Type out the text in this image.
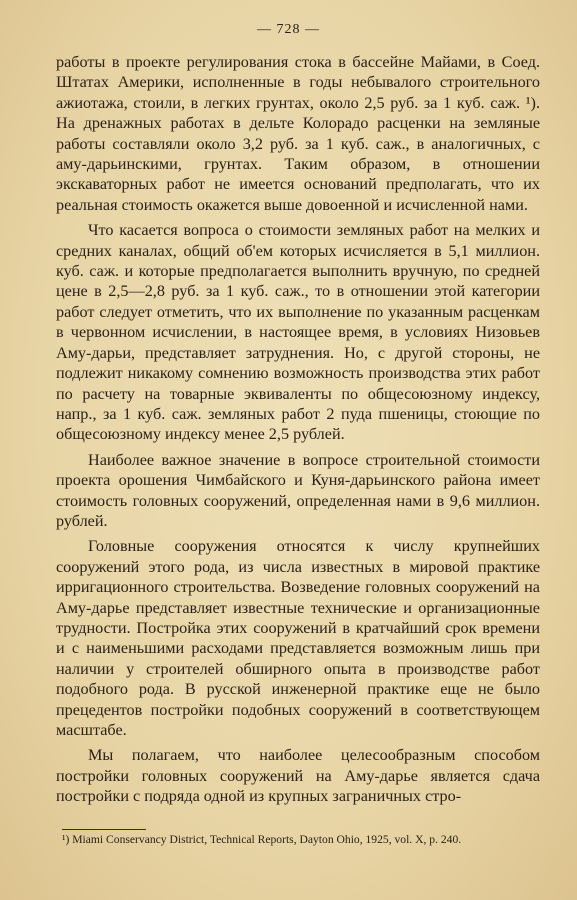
— 728 —

работы в проекте регулирования стока в бассейне Майами, в Соед. Штатах Америки, исполненные в годы небывалого строительного ажиотажа, стоили, в легких грунтах, около 2,5 руб. за 1 куб. саж. ¹). На дренажных работах в дельте Колорадо расценки на земляные работы составляли около 3,2 руб. за 1 куб. саж., в аналогичных, с аму-дарьинскими, грунтах. Таким образом, в отношении экскаваторных работ не имеется оснований предполагать, что их реальная стоимость окажется выше довоенной и исчисленной нами.

Что касается вопроса о стоимости земляных работ на мелких и средних каналах, общий об'ем которых исчисляется в 5,1 миллион. куб. саж. и которые предполагается выполнить вручную, по средней цене в 2,5—2,8 руб. за 1 куб. саж., то в отношении этой категории работ следует отметить, что их выполнение по указанным расценкам в червонном исчислении, в настоящее время, в условиях Низовьев Аму-дарьи, представляет затруднения. Но, с другой стороны, не подлежит никакому сомнению возможность производства этих работ по расчету на товарные эквиваленты по общесоюзному индексу, напр., за 1 куб. саж. земляных работ 2 пуда пшеницы, стоющие по общесоюзному индексу менее 2,5 рублей.

Наиболее важное значение в вопросе строительной стоимости проекта орошения Чимбайского и Куня-дарьинского района имеет стоимость головных сооружений, определенная нами в 9,6 миллион. рублей.

Головные сооружения относятся к числу крупнейших сооружений этого рода, из числа известных в мировой практике ирригационного строительства. Возведение головных сооружений на Аму-дарье представляет известные технические и организационные трудности. Постройка этих сооружений в кратчайший срок времени и с наименьшими расходами представляется возможным лишь при наличии у строителей обширного опыта в производстве работ подобного рода. В русской инженерной практике еще не было прецедентов постройки подобных сооружений в соответствующем масштабе.

Мы полагаем, что наиболее целесообразным способом постройки головных сооружений на Аму-дарье является сдача постройки с подряда одной из крупных заграничных стро-

¹) Miami Conservancy District, Technical Reports, Dayton Ohio, 1925, vol. X, p. 240.
